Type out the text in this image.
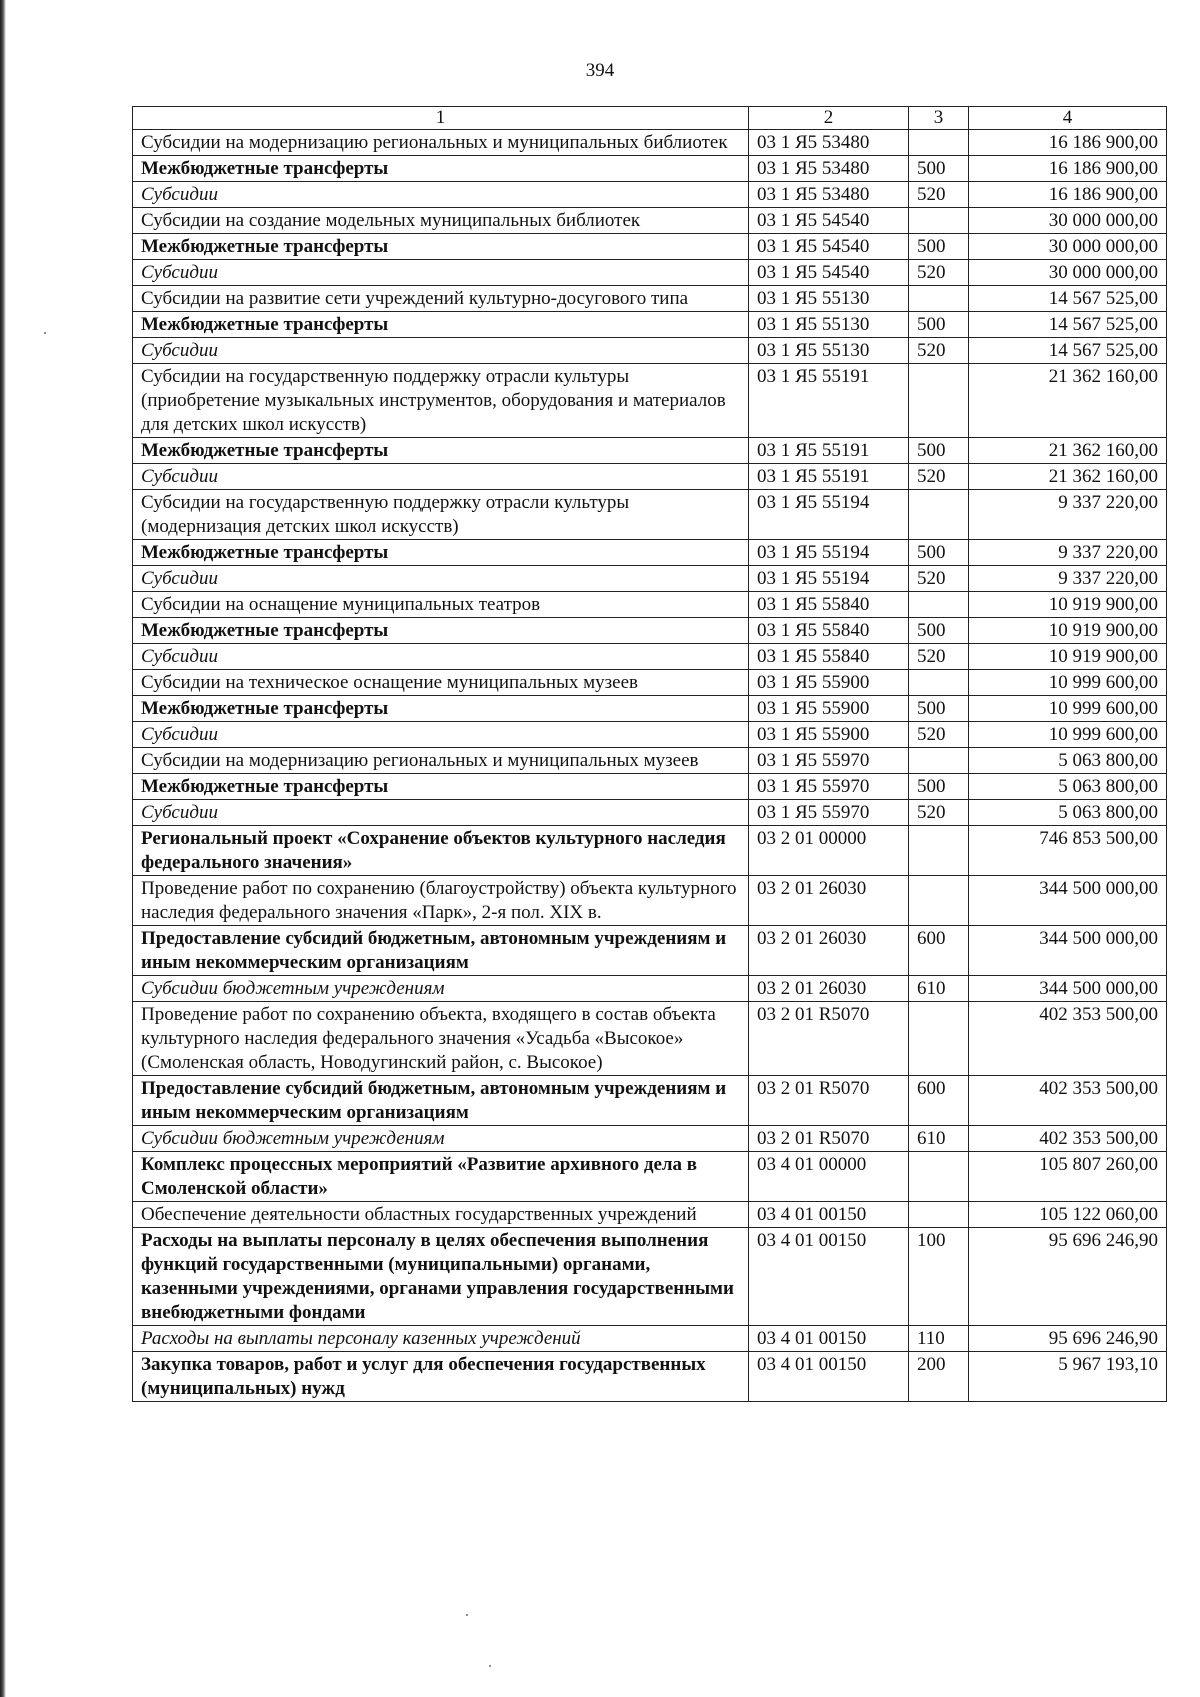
394
1	2	3	4
Субсидии на модернизацию региональных и муниципальных библиотек	03 1 Я5 53480		16 186 900,00
Межбюджетные трансферты	03 1 Я5 53480	500	16 186 900,00
Субсидии	03 1 Я5 53480	520	16 186 900,00
Субсидии на создание модельных муниципальных библиотек	03 1 Я5 54540		30 000 000,00
Межбюджетные трансферты	03 1 Я5 54540	500	30 000 000,00
Субсидии	03 1 Я5 54540	520	30 000 000,00
Субсидии на развитие сети учреждений культурно-досугового типа	03 1 Я5 55130		14 567 525,00
Межбюджетные трансферты	03 1 Я5 55130	500	14 567 525,00
Субсидии	03 1 Я5 55130	520	14 567 525,00
Субсидии на государственную поддержку отрасли культуры (приобретение музыкальных инструментов, оборудования и материалов для детских школ искусств)	03 1 Я5 55191		21 362 160,00
Межбюджетные трансферты	03 1 Я5 55191	500	21 362 160,00
Субсидии	03 1 Я5 55191	520	21 362 160,00
Субсидии на государственную поддержку отрасли культуры (модернизация детских школ искусств)	03 1 Я5 55194		9 337 220,00
Межбюджетные трансферты	03 1 Я5 55194	500	9 337 220,00
Субсидии	03 1 Я5 55194	520	9 337 220,00
Субсидии на оснащение муниципальных театров	03 1 Я5 55840		10 919 900,00
Межбюджетные трансферты	03 1 Я5 55840	500	10 919 900,00
Субсидии	03 1 Я5 55840	520	10 919 900,00
Субсидии на техническое оснащение муниципальных музеев	03 1 Я5 55900		10 999 600,00
Межбюджетные трансферты	03 1 Я5 55900	500	10 999 600,00
Субсидии	03 1 Я5 55900	520	10 999 600,00
Субсидии на модернизацию региональных и муниципальных музеев	03 1 Я5 55970		5 063 800,00
Межбюджетные трансферты	03 1 Я5 55970	500	5 063 800,00
Субсидии	03 1 Я5 55970	520	5 063 800,00
Региональный проект «Сохранение объектов культурного наследия федерального значения»	03 2 01 00000		746 853 500,00
Проведение работ по сохранению (благоустройству) объекта культурного наследия федерального значения «Парк», 2-я пол. XIX в.	03 2 01 26030		344 500 000,00
Предоставление субсидий бюджетным, автономным учреждениям и иным некоммерческим организациям	03 2 01 26030	600	344 500 000,00
Субсидии бюджетным учреждениям	03 2 01 26030	610	344 500 000,00
Проведение работ по сохранению объекта, входящего в состав объекта культурного наследия федерального значения «Усадьба «Высокое» (Смоленская область, Новодугинский район, с. Высокое)	03 2 01 R5070		402 353 500,00
Предоставление субсидий бюджетным, автономным учреждениям и иным некоммерческим организациям	03 2 01 R5070	600	402 353 500,00
Субсидии бюджетным учреждениям	03 2 01 R5070	610	402 353 500,00
Комплекс процессных мероприятий «Развитие архивного дела в Смоленской области»	03 4 01 00000		105 807 260,00
Обеспечение деятельности областных государственных учреждений	03 4 01 00150		105 122 060,00
Расходы на выплаты персоналу в целях обеспечения выполнения функций государственными (муниципальными) органами, казенными учреждениями, органами управления государственными внебюджетными фондами	03 4 01 00150	100	95 696 246,90
Расходы на выплаты персоналу казенных учреждений	03 4 01 00150	110	95 696 246,90
Закупка товаров, работ и услуг для обеспечения государственных (муниципальных) нужд	03 4 01 00150	200	5 967 193,10
